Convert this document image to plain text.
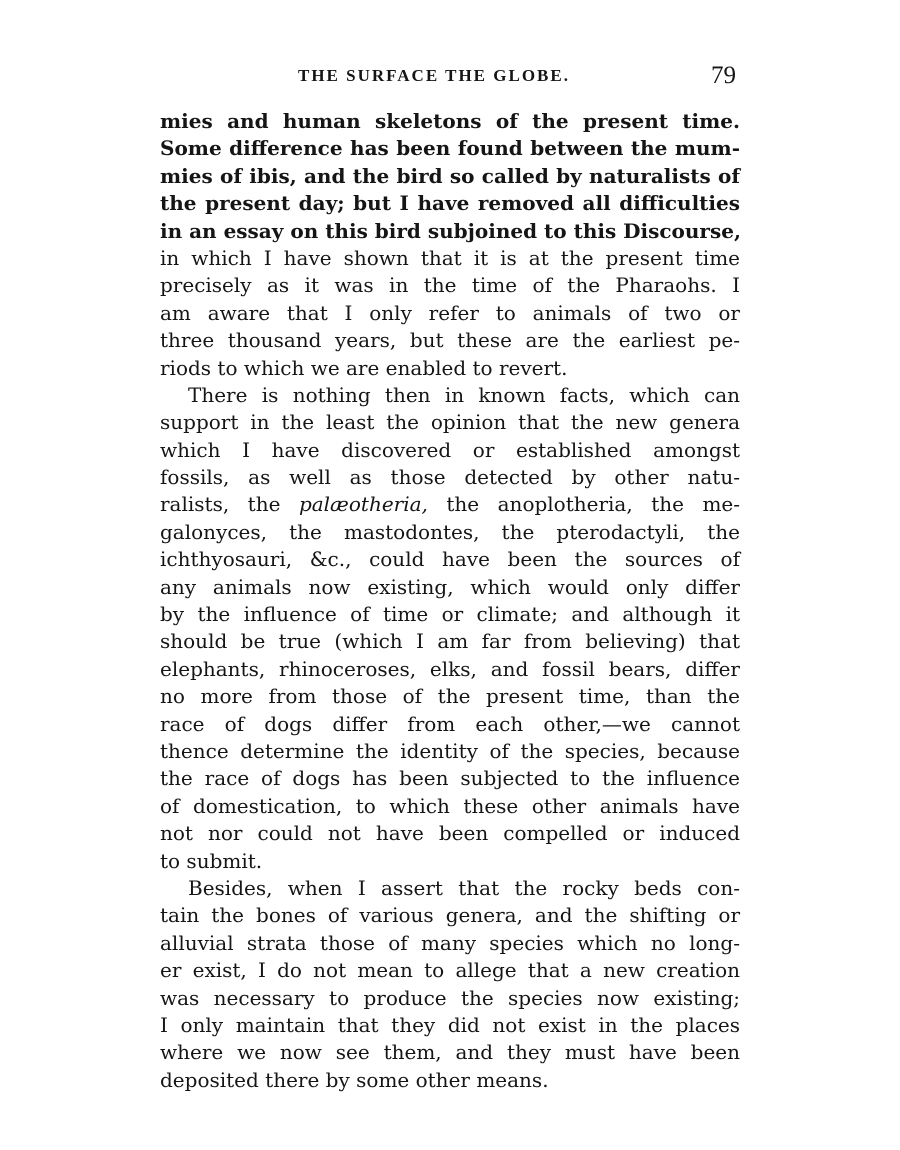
THE SURFACE THE GLOBE.	79
mies and human skeletons of the present time.
Some difference has been found between the mum-
mies of ibis, and the bird so called by naturalists of
the present day; but I have removed all difficulties
in an essay on this bird subjoined to this Discourse,
in which I have shown that it is at the present time
precisely as it was in the time of the Pharaohs. I
am aware that I only refer to animals of two or
three thousand years, but these are the earliest pe-
riods to which we are enabled to revert.
There is nothing then in known facts, which can
support in the least the opinion that the new genera
which I have discovered or established amongst
fossils, as well as those detected by other natu-
ralists, the palæotheria, the anoplotheria, the me-
galonyces, the mastodontes, the pterodactyli, the
ichthyosauri, &c., could have been the sources of
any animals now existing, which would only differ
by the influence of time or climate; and although it
should be true (which I am far from believing) that
elephants, rhinoceroses, elks, and fossil bears, differ
no more from those of the present time, than the
race of dogs differ from each other,—we cannot
thence determine the identity of the species, because
the race of dogs has been subjected to the influence
of domestication, to which these other animals have
not nor could not have been compelled or induced
to submit.
Besides, when I assert that the rocky beds con-
tain the bones of various genera, and the shifting or
alluvial strata those of many species which no long-
er exist, I do not mean to allege that a new creation
was necessary to produce the species now existing;
I only maintain that they did not exist in the places
where we now see them, and they must have been
deposited there by some other means.
